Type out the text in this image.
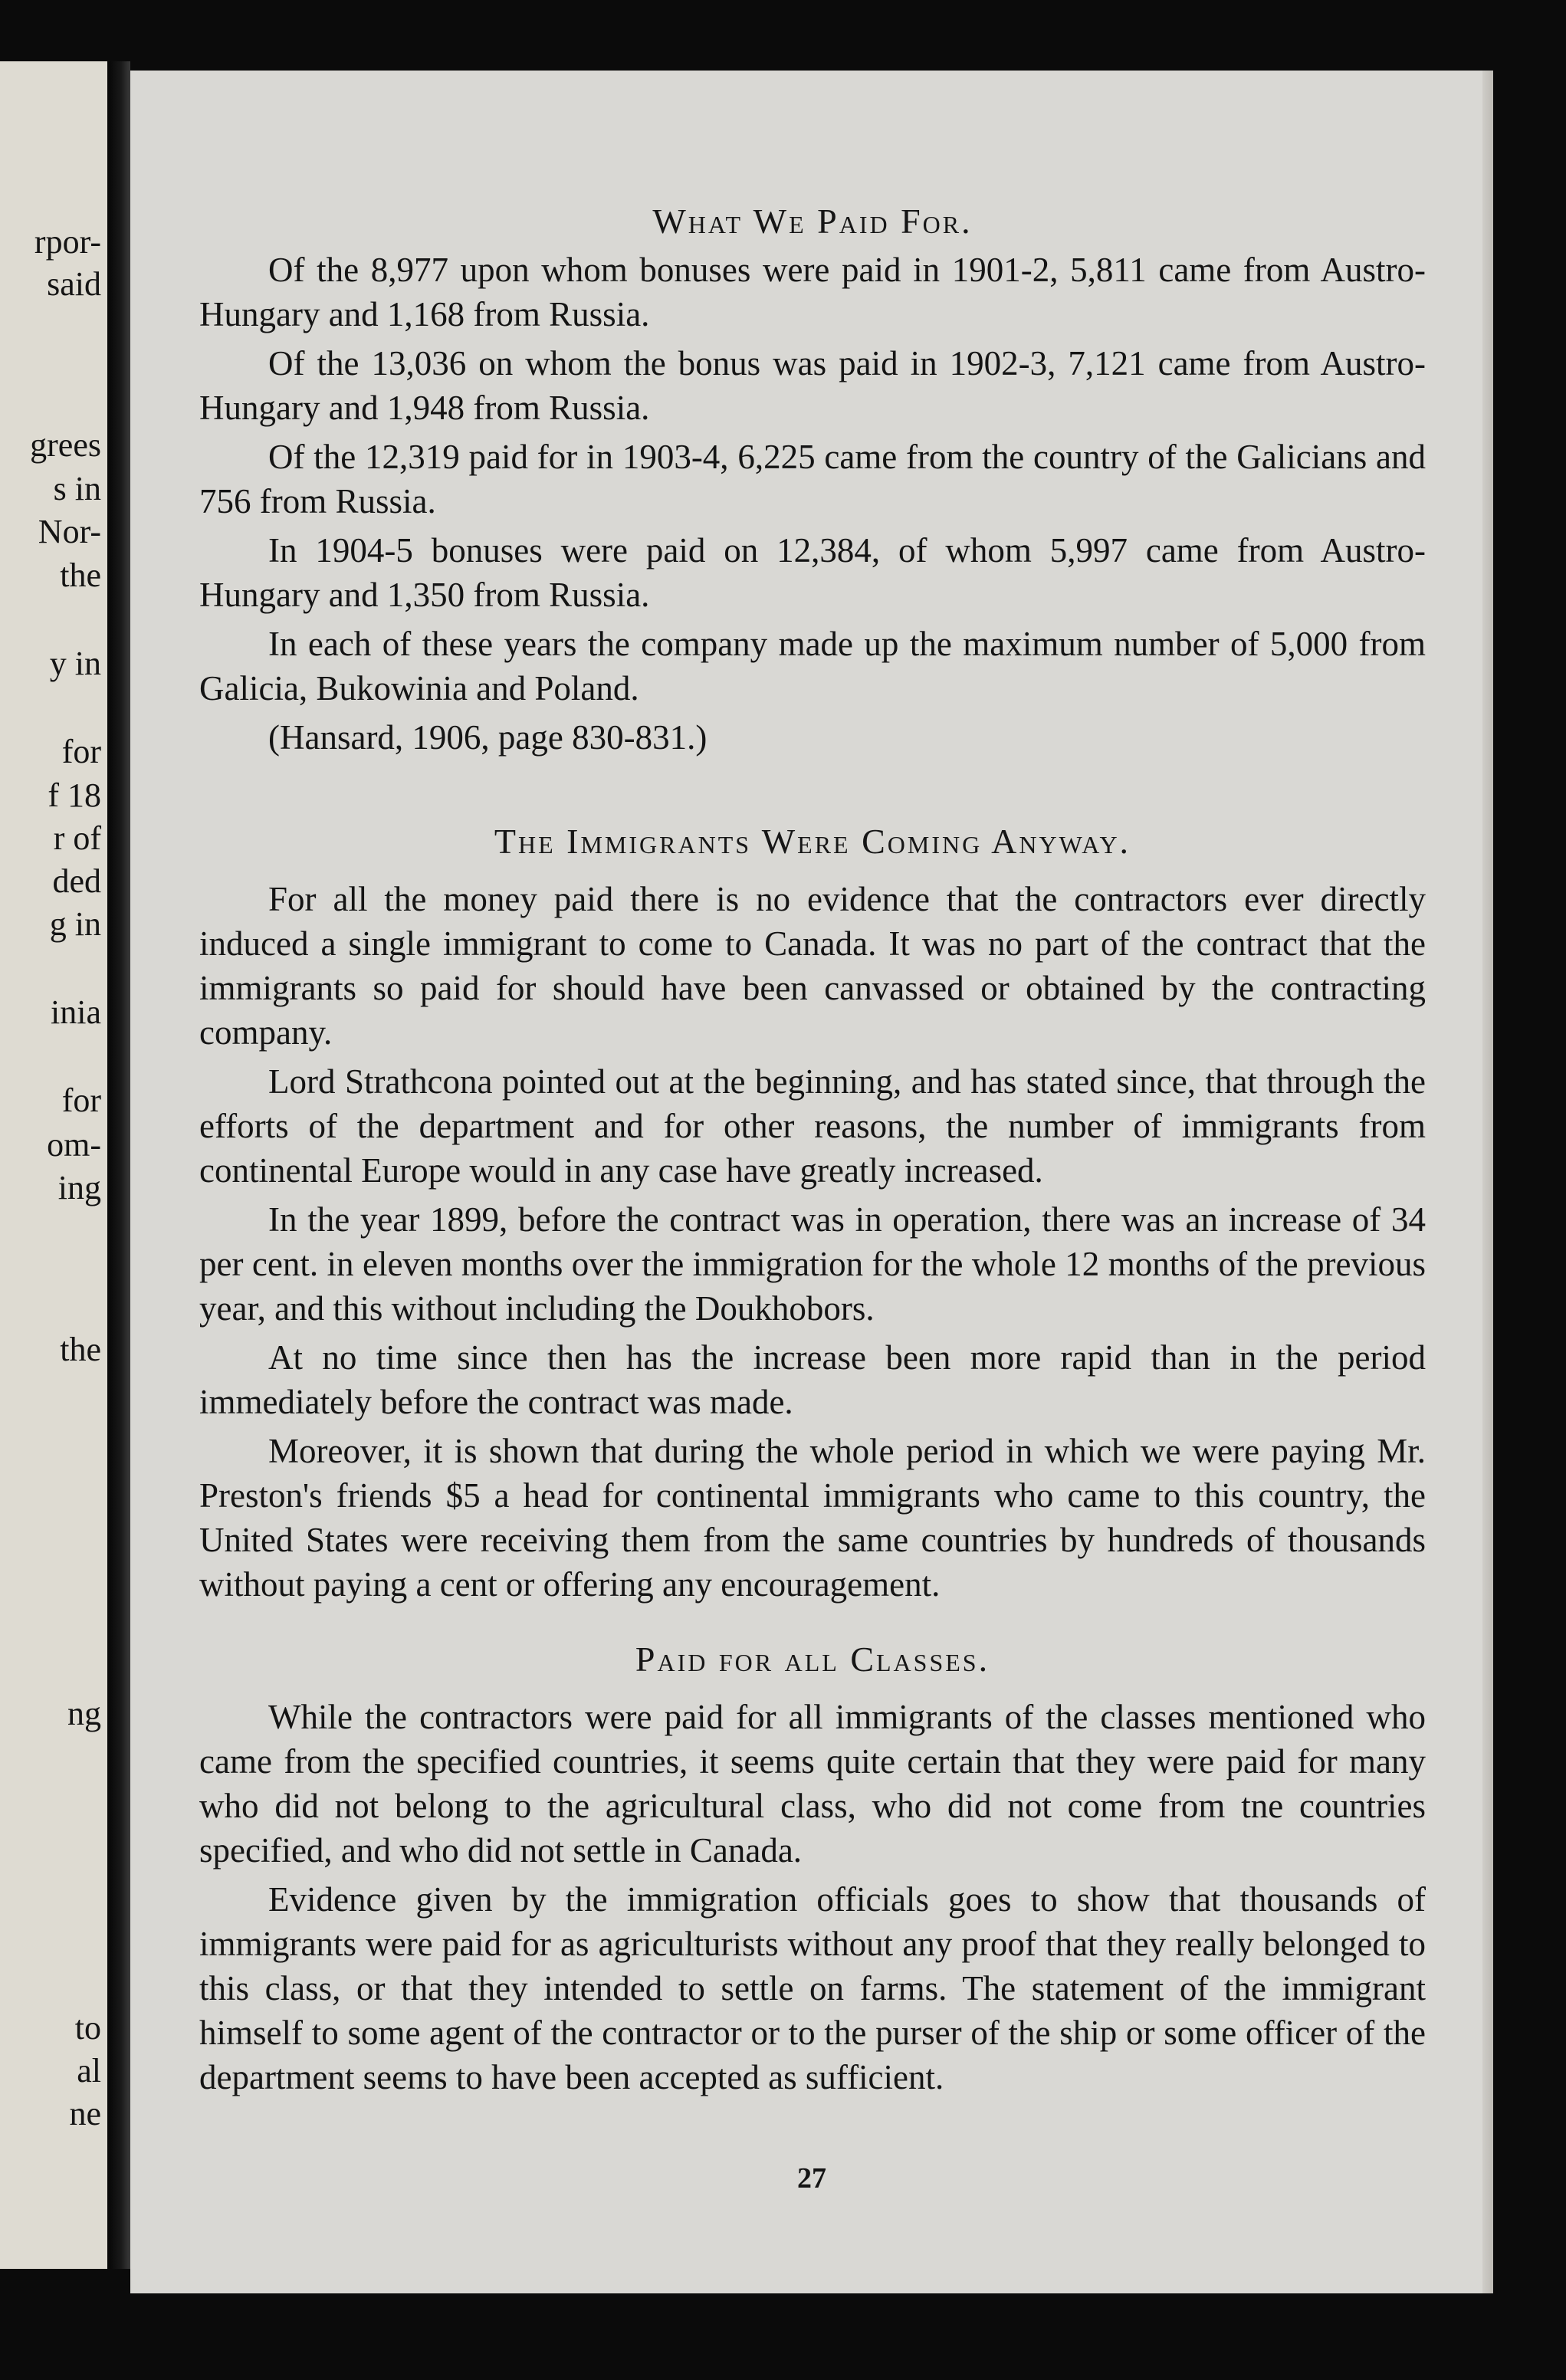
rpor-
said
grees
s in
Nor-
the
y in
for
f 18
r of
ded
g in
inia
for
om-
ing
the
ng
to
al
ne
What We Paid For.

Of the 8,977 upon whom bonuses were paid in 1901-2, 5,811 came from Austro-Hungary and 1,168 from Russia.

Of the 13,036 on whom the bonus was paid in 1902-3, 7,121 came from Austro-Hungary and 1,948 from Russia.

Of the 12,319 paid for in 1903-4, 6,225 came from the country of the Galicians and 756 from Russia.

In 1904-5 bonuses were paid on 12,384, of whom 5,997 came from Austro-Hungary and 1,350 from Russia.

In each of these years the company made up the maximum number of 5,000 from Galicia, Bukowinia and Poland.

(Hansard, 1906, page 830-831.)

The Immigrants Were Coming Anyway.

For all the money paid there is no evidence that the contractors ever directly induced a single immigrant to come to Canada. It was no part of the contract that the immigrants so paid for should have been canvassed or obtained by the contracting company.

Lord Strathcona pointed out at the beginning, and has stated since, that through the efforts of the department and for other reasons, the number of immigrants from continental Europe would in any case have greatly increased.

In the year 1899, before the contract was in operation, there was an increase of 34 per cent. in eleven months over the immigration for the whole 12 months of the previous year, and this without including the Doukhobors.

At no time since then has the increase been more rapid than in the period immediately before the contract was made.

Moreover, it is shown that during the whole period in which we were paying Mr. Preston's friends $5 a head for continental immigrants who came to this country, the United States were receiving them from the same countries by hundreds of thousands without paying a cent or offering any encouragement.

Paid for all Classes.

While the contractors were paid for all immigrants of the classes mentioned who came from the specified countries, it seems quite certain that they were paid for many who did not belong to the agricultural class, who did not come from tne countries specified, and who did not settle in Canada.

Evidence given by the immigration officials goes to show that thousands of immigrants were paid for as agriculturists without any proof that they really belonged to this class, or that they intended to settle on farms. The statement of the immigrant himself to some agent of the contractor or to the purser of the ship or some officer of the department seems to have been accepted as sufficient.

27
